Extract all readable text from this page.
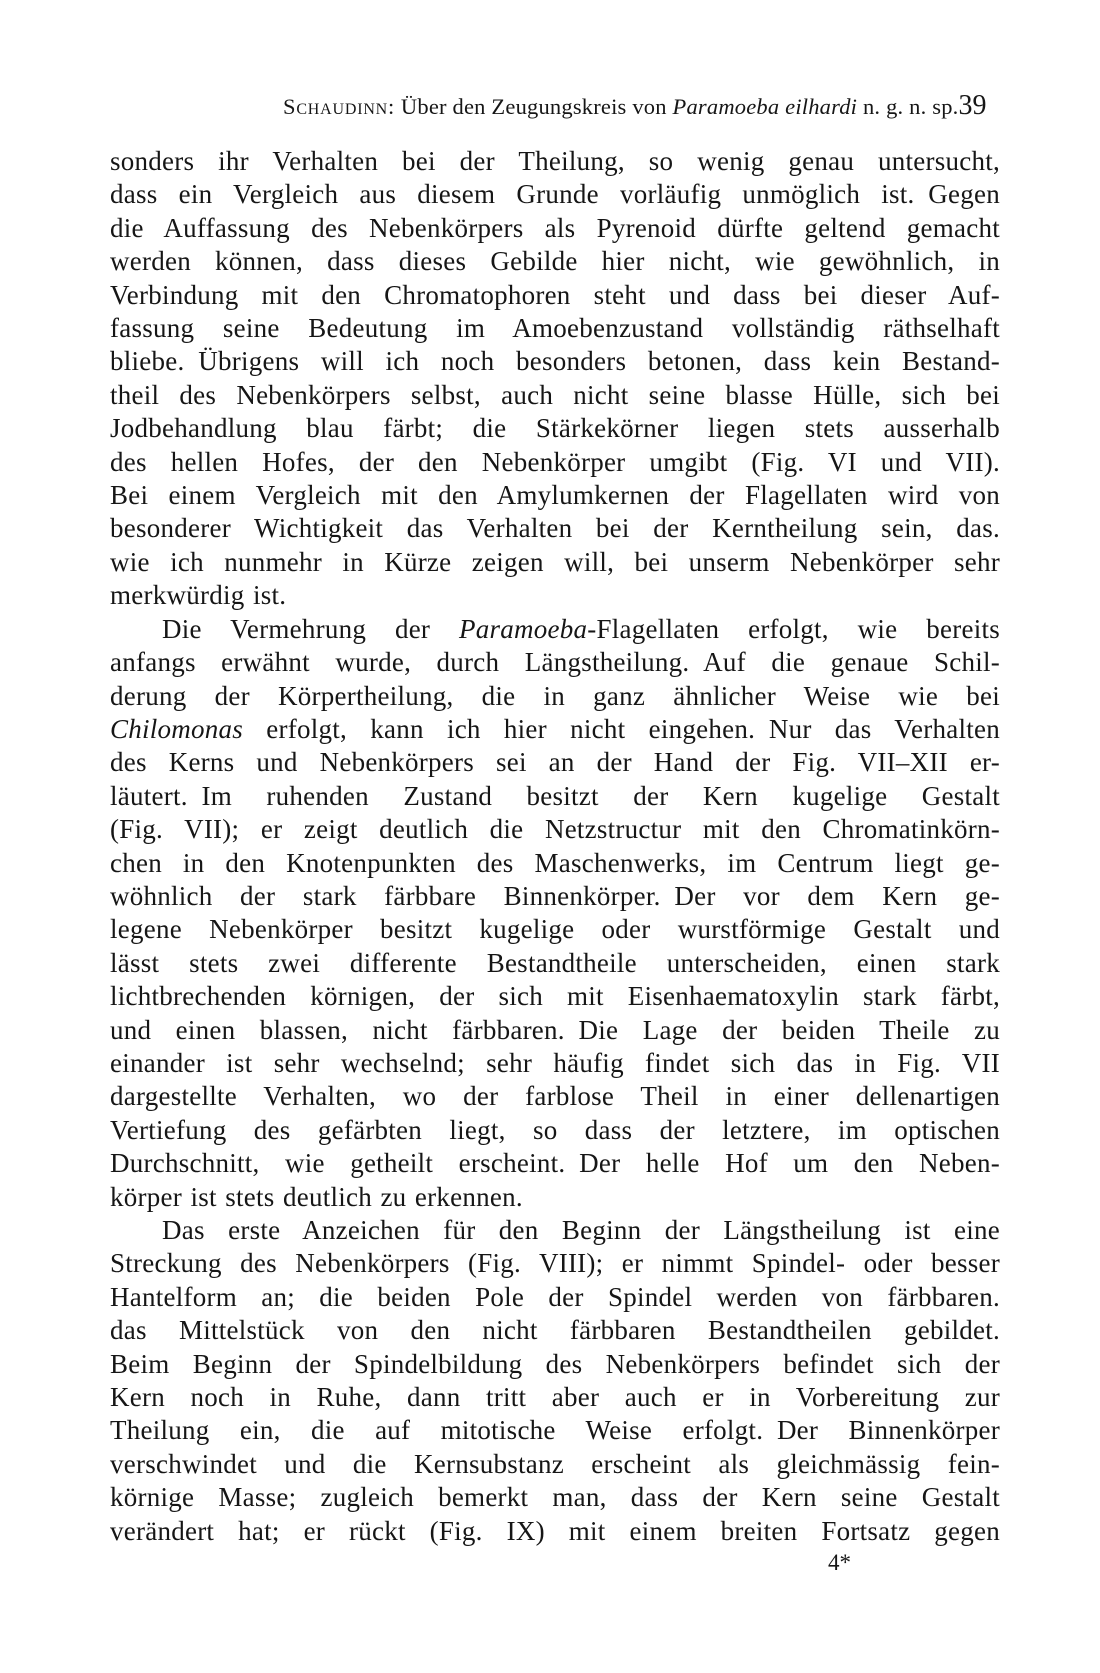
Schaudinn: Über den Zeugungskreis von Paramoeba eilhardi n. g. n. sp. 39
sonders ihr Verhalten bei der Theilung, so wenig genau untersucht,
dass ein Vergleich aus diesem Grunde vorläufig unmöglich ist. Gegen
die Auffassung des Nebenkörpers als Pyrenoid dürfte geltend gemacht
werden können, dass dieses Gebilde hier nicht, wie gewöhnlich, in
Verbindung mit den Chromatophoren steht und dass bei dieser Auf-
fassung seine Bedeutung im Amoebenzustand vollständig räthselhaft
bliebe. Übrigens will ich noch besonders betonen, dass kein Bestand-
theil des Nebenkörpers selbst, auch nicht seine blasse Hülle, sich bei
Jodbehandlung blau färbt; die Stärkekörner liegen stets ausserhalb
des hellen Hofes, der den Nebenkörper umgibt (Fig. VI und VII).
Bei einem Vergleich mit den Amylumkernen der Flagellaten wird von
besonderer Wichtigkeit das Verhalten bei der Kerntheilung sein, das.
wie ich nunmehr in Kürze zeigen will, bei unserm Nebenkörper sehr
merkwürdig ist.
Die Vermehrung der Paramoeba-Flagellaten erfolgt, wie bereits
anfangs erwähnt wurde, durch Längstheilung. Auf die genaue Schil-
derung der Körpertheilung, die in ganz ähnlicher Weise wie bei
Chilomonas erfolgt, kann ich hier nicht eingehen. Nur das Verhalten
des Kerns und Nebenkörpers sei an der Hand der Fig. VII–XII er-
läutert. Im ruhenden Zustand besitzt der Kern kugelige Gestalt
(Fig. VII); er zeigt deutlich die Netzstructur mit den Chromatinkörn-
chen in den Knotenpunkten des Maschenwerks, im Centrum liegt ge-
wöhnlich der stark färbbare Binnenkörper. Der vor dem Kern ge-
legene Nebenkörper besitzt kugelige oder wurstförmige Gestalt und
lässt stets zwei differente Bestandtheile unterscheiden, einen stark
lichtbrechenden körnigen, der sich mit Eisenhaematoxylin stark färbt,
und einen blassen, nicht färbbaren. Die Lage der beiden Theile zu
einander ist sehr wechselnd; sehr häufig findet sich das in Fig. VII
dargestellte Verhalten, wo der farblose Theil in einer dellenartigen
Vertiefung des gefärbten liegt, so dass der letztere, im optischen
Durchschnitt, wie getheilt erscheint. Der helle Hof um den Neben-
körper ist stets deutlich zu erkennen.
Das erste Anzeichen für den Beginn der Längstheilung ist eine
Streckung des Nebenkörpers (Fig. VIII); er nimmt Spindel- oder besser
Hantelform an; die beiden Pole der Spindel werden von färbbaren.
das Mittelstück von den nicht färbbaren Bestandtheilen gebildet.
Beim Beginn der Spindelbildung des Nebenkörpers befindet sich der
Kern noch in Ruhe, dann tritt aber auch er in Vorbereitung zur
Theilung ein, die auf mitotische Weise erfolgt. Der Binnenkörper
verschwindet und die Kernsubstanz erscheint als gleichmässig fein-
körnige Masse; zugleich bemerkt man, dass der Kern seine Gestalt
verändert hat; er rückt (Fig. IX) mit einem breiten Fortsatz gegen
4*
